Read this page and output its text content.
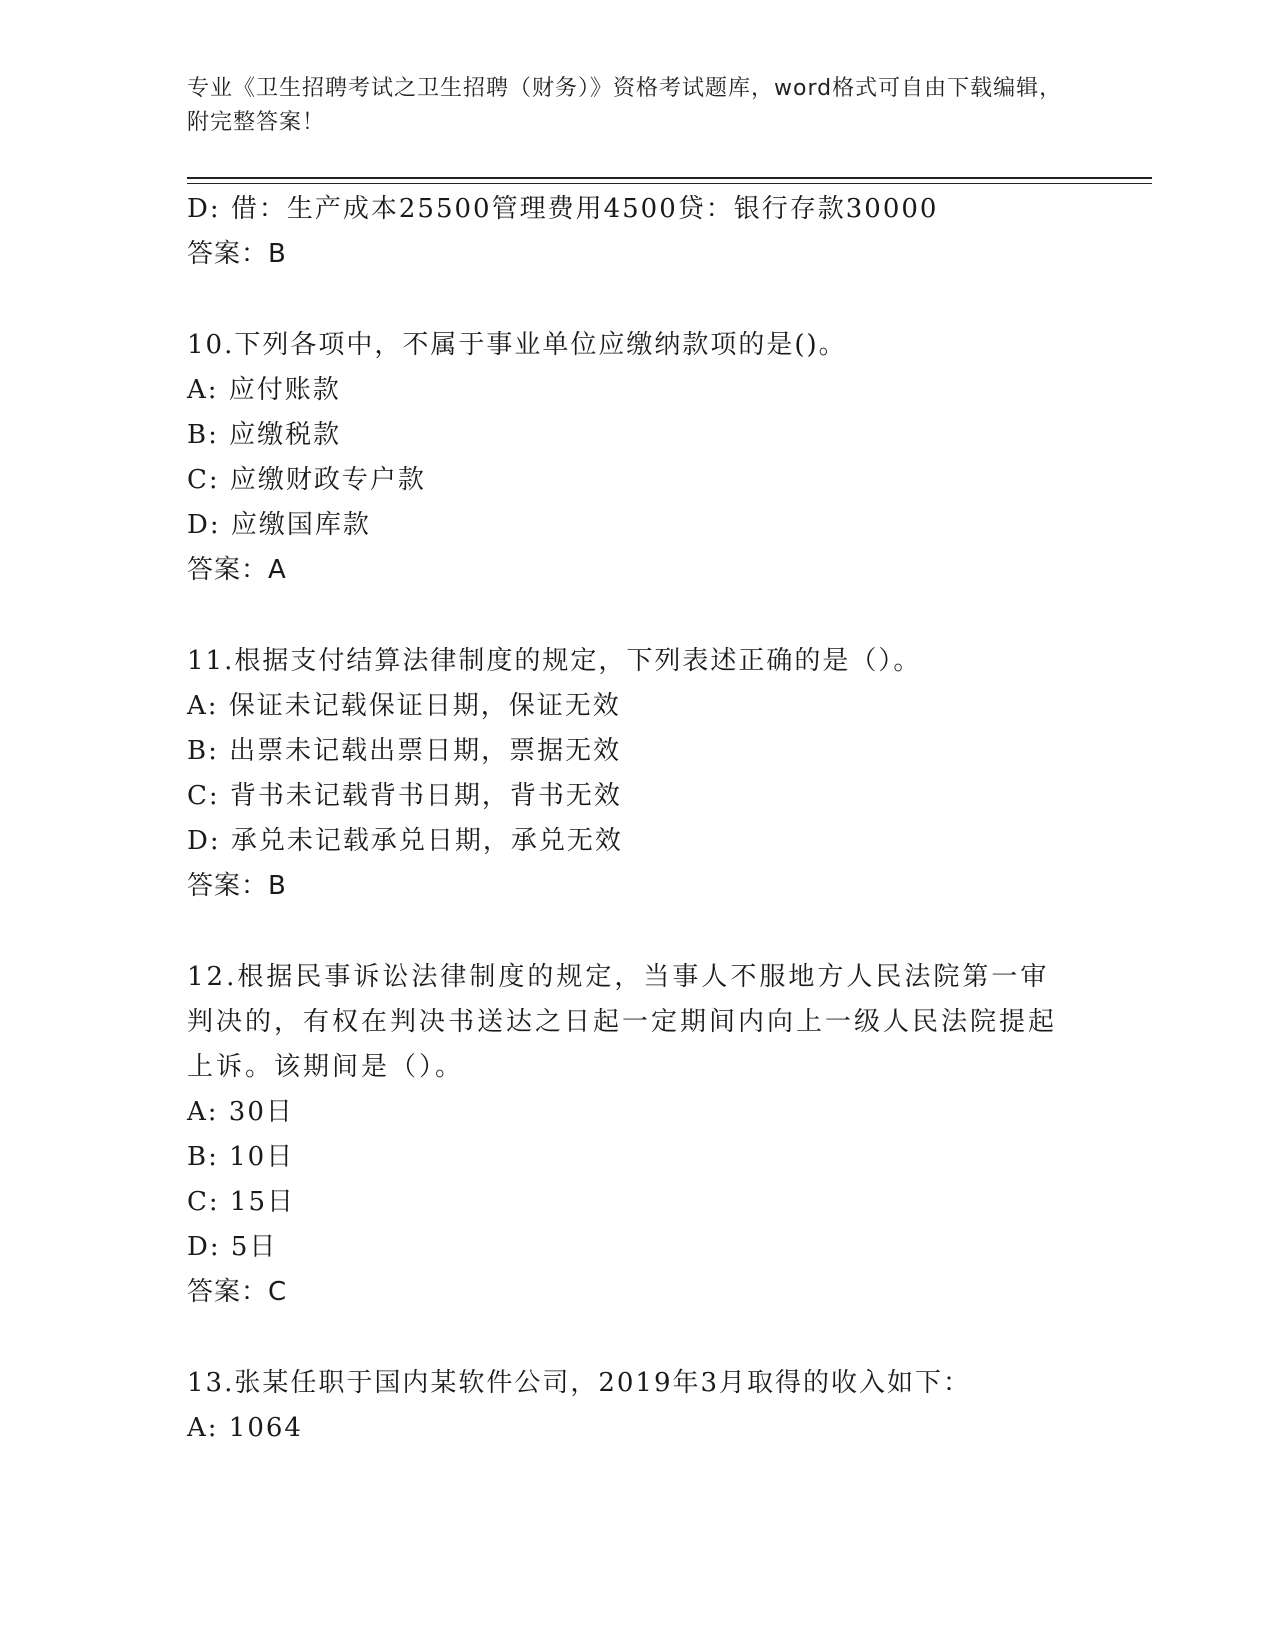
专业《卫生招聘考试之卫生招聘（财务）》资格考试题库，word格式可自由下载编辑，附完整答案！
D: 借：生产成本25500管理费用4500贷：银行存款30000
答案：B
10.下列各项中，不属于事业单位应缴纳款项的是()。
A: 应付账款
B: 应缴税款
C: 应缴财政专户款
D: 应缴国库款
答案：A
11.根据支付结算法律制度的规定，下列表述正确的是（）。
A: 保证未记载保证日期，保证无效
B: 出票未记载出票日期，票据无效
C: 背书未记载背书日期，背书无效
D: 承兑未记载承兑日期，承兑无效
答案：B
12.根据民事诉讼法律制度的规定，当事人不服地方人民法院第一审判决的，有权在判决书送达之日起一定期间内向上一级人民法院提起上诉。该期间是（）。
A: 30日
B: 10日
C: 15日
D: 5日
答案：C
13.张某任职于国内某软件公司，2019年3月取得的收入如下：
A: 1064
